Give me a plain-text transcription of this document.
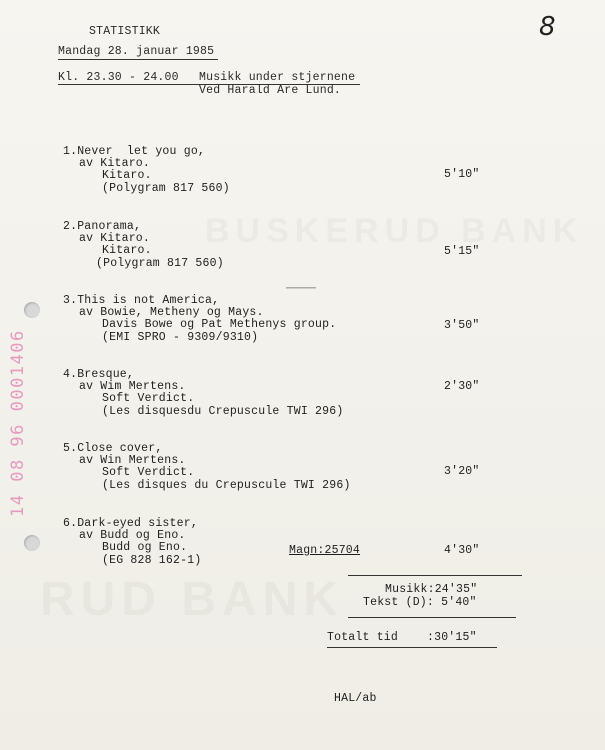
14 08 96 0001406
8
STATISTIKK
Mandag 28. januar 1985
Kl. 23.30 - 24.00 Musikk under stjernene
Ved Harald Are Lund.
1.Never  let you go,
av Kitaro.
Kitaro.
(Polygram 817 560)
5'10"
2.Panorama,
av Kitaro.
Kitaro.
(Polygram 817 560)
5'15"
3.This is not America,
av Bowie, Metheny og Mays.
Davis Bowe og Pat Methenys group.
(EMI SPRO - 9309/9310)
3'50"
4.Bresque,
av Wim Mertens.
Soft Verdict.
(Les disquesdu Crepuscule TWI 296)
2'30"
5.Close cover,
av Win Mertens.
Soft Verdict.
(Les disques du Crepuscule TWI 296)
3'20"
6.Dark-eyed sister,
av Budd og Eno.
Budd og Eno.
(EG 828 162-1)
4'30"
Magn:25704
Musikk:24'35"
Tekst (D): 5'40"
Totalt tid	:30'15"
HAL/ab
